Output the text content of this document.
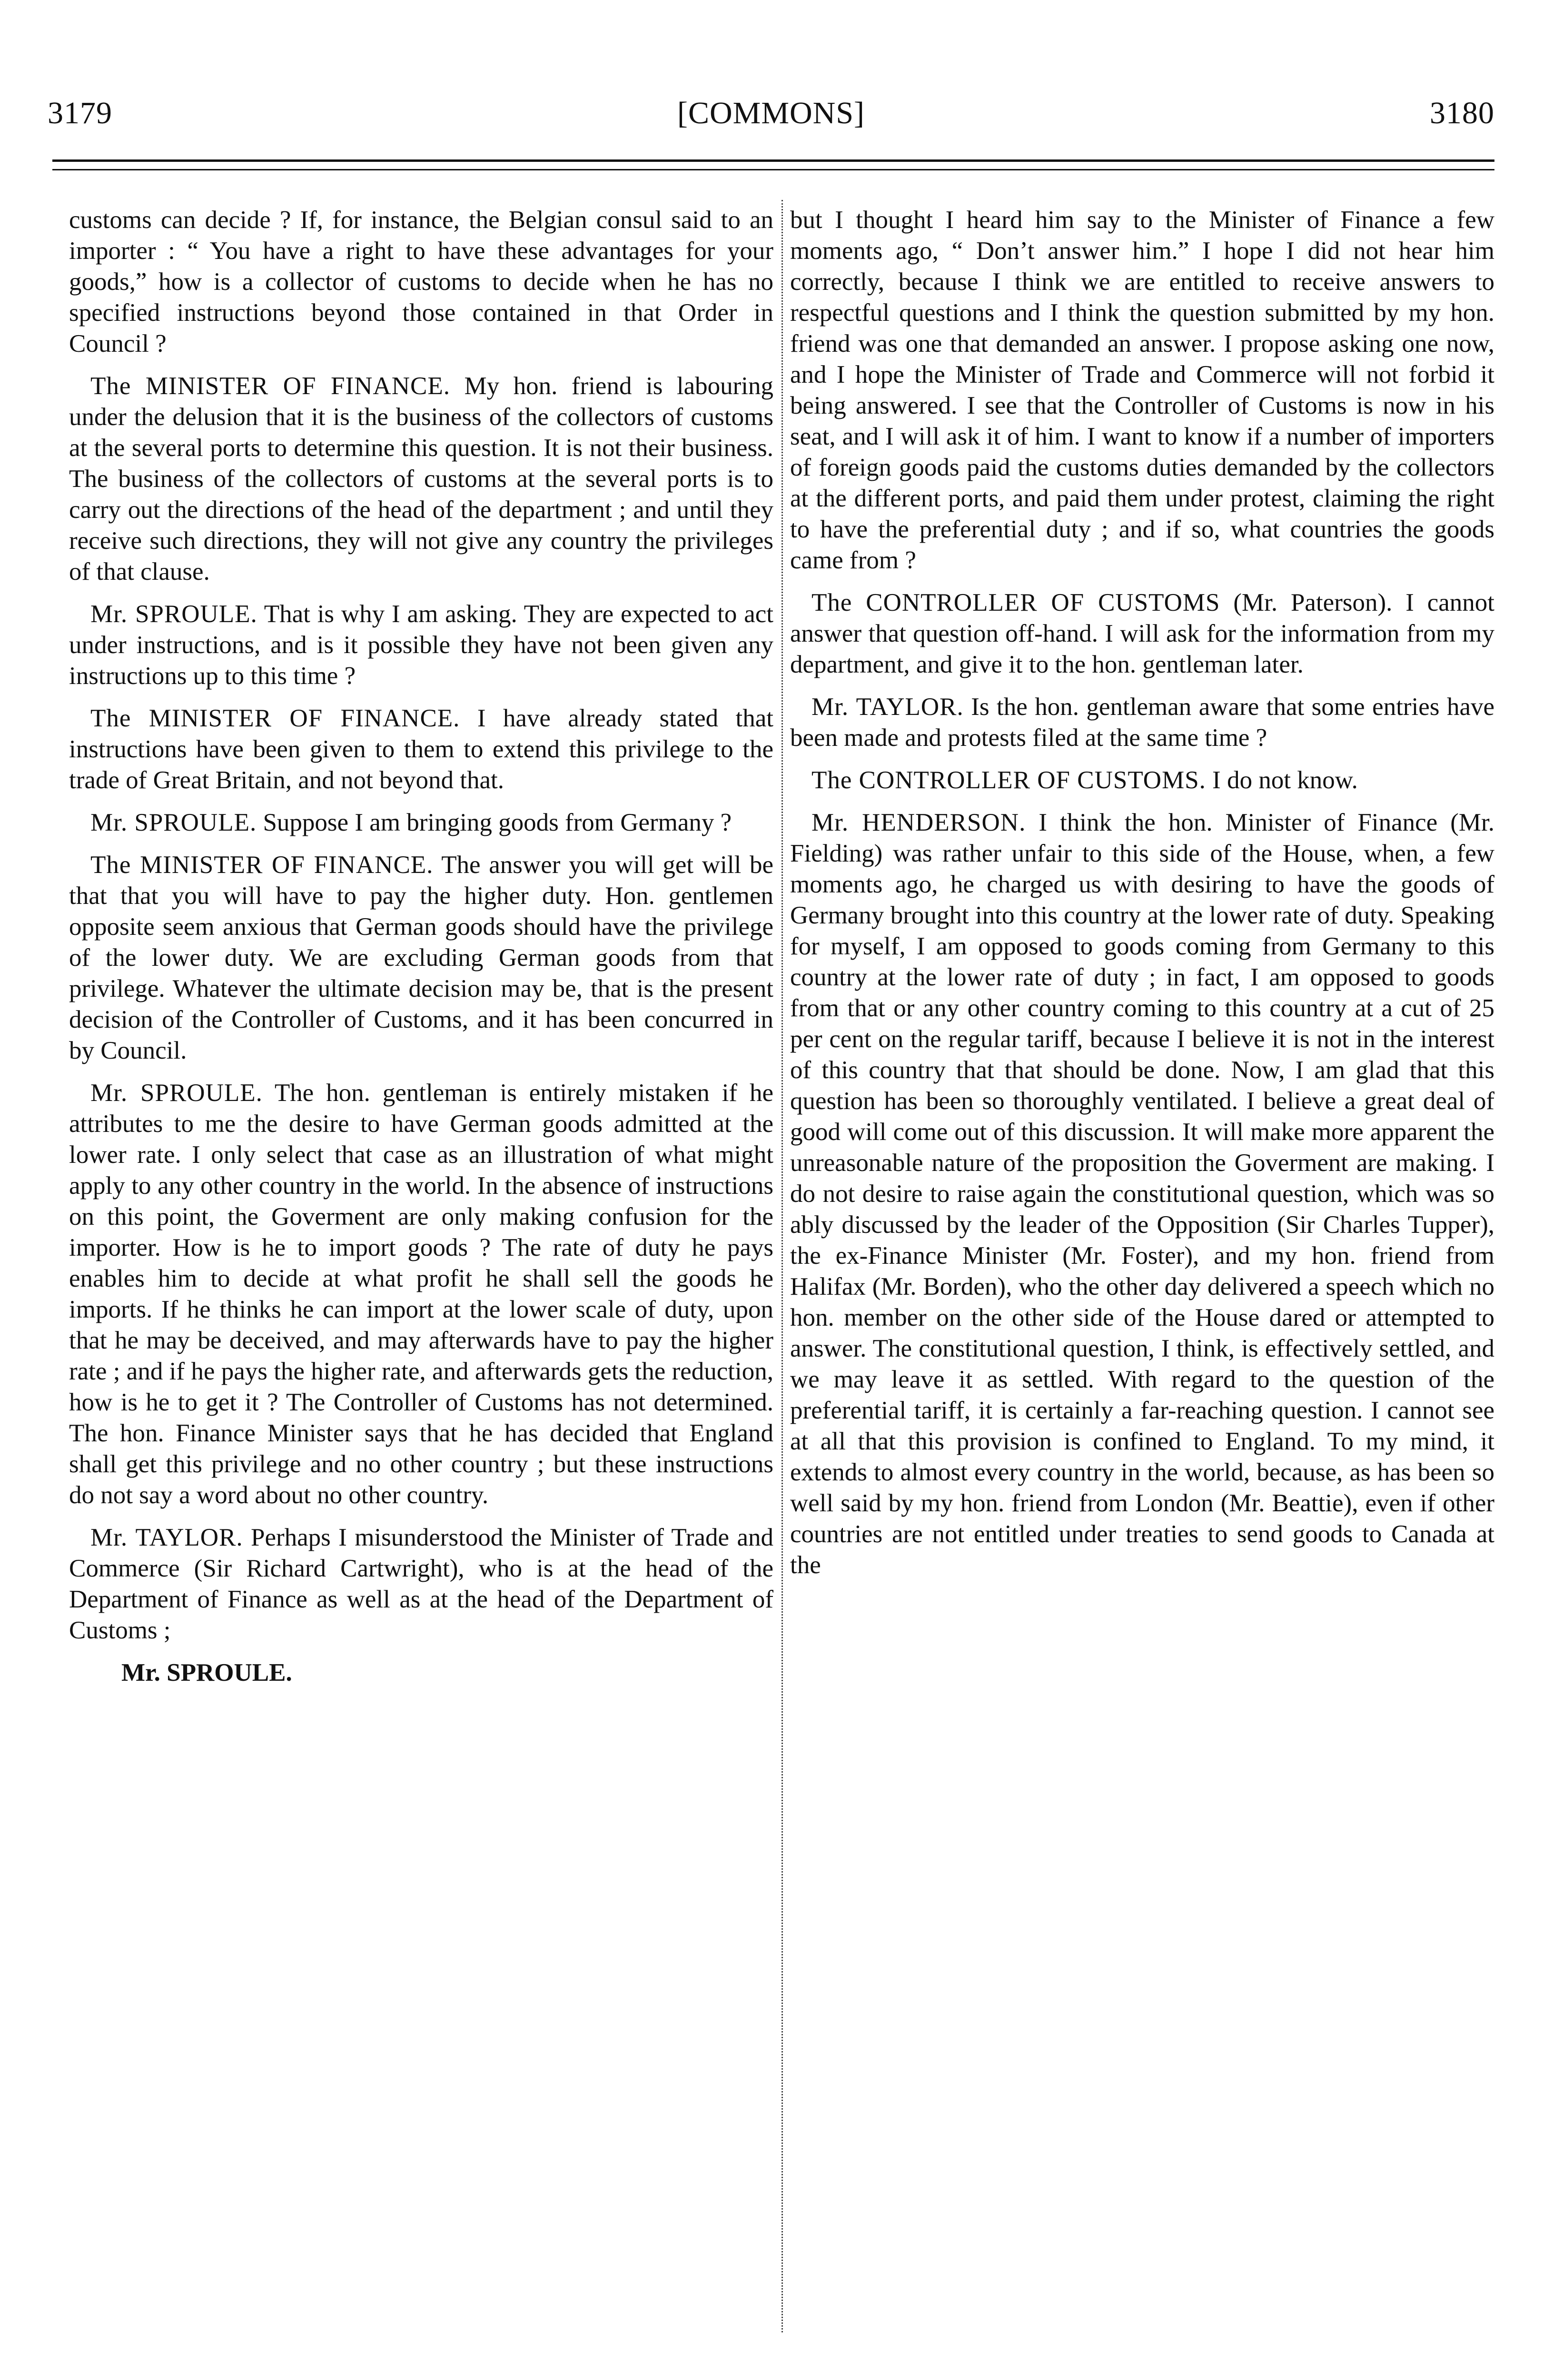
3179	[COMMONS]	3180

customs can decide ? If, for instance, the Belgian consul said to an importer : “ You have a right to have these advantages for your goods,” how is a collector of customs to decide when he has no specified instructions beyond those contained in that Order in Council ?

The MINISTER OF FINANCE. My hon. friend is labouring under the delusion that it is the business of the collectors of customs at the several ports to determine this question. It is not their business. The business of the collectors of customs at the several ports is to carry out the directions of the head of the department ; and until they receive such directions, they will not give any country the privileges of that clause.

Mr. SPROULE. That is why I am asking. They are expected to act under instructions, and is it possible they have not been given any instructions up to this time ?

The MINISTER OF FINANCE. I have already stated that instructions have been given to them to extend this privilege to the trade of Great Britain, and not beyond that.

Mr. SPROULE. Suppose I am bringing goods from Germany ?

The MINISTER OF FINANCE. The answer you will get will be that that you will have to pay the higher duty. Hon. gentlemen opposite seem anxious that German goods should have the privilege of the lower duty. We are excluding German goods from that privilege. Whatever the ultimate decision may be, that is the present decision of the Controller of Customs, and it has been concurred in by Council.

Mr. SPROULE. The hon. gentleman is entirely mistaken if he attributes to me the desire to have German goods admitted at the lower rate. I only select that case as an illustration of what might apply to any other country in the world. In the absence of instructions on this point, the Goverment are only making confusion for the importer. How is he to import goods ? The rate of duty he pays enables him to decide at what profit he shall sell the goods he imports. If he thinks he can import at the lower scale of duty, upon that he may be deceived, and may afterwards have to pay the higher rate ; and if he pays the higher rate, and afterwards gets the reduction, how is he to get it ? The Controller of Customs has not determined. The hon. Finance Minister says that he has decided that England shall get this privilege and no other country ; but these instructions do not say a word about no other country.

Mr. TAYLOR. Perhaps I misunderstood the Minister of Trade and Commerce (Sir Richard Cartwright), who is at the head of the Department of Finance as well as at the head of the Department of Customs ;

Mr. SPROULE.

but I thought I heard him say to the Minister of Finance a few moments ago, “ Don’t answer him.” I hope I did not hear him correctly, because I think we are entitled to receive answers to respectful questions and I think the question submitted by my hon. friend was one that demanded an answer. I propose asking one now, and I hope the Minister of Trade and Commerce will not forbid it being answered. I see that the Controller of Customs is now in his seat, and I will ask it of him. I want to know if a number of importers of foreign goods paid the customs duties demanded by the collectors at the different ports, and paid them under protest, claiming the right to have the preferential duty ; and if so, what countries the goods came from ?

The CONTROLLER OF CUSTOMS (Mr. Paterson). I cannot answer that question off-hand. I will ask for the information from my department, and give it to the hon. gentleman later.

Mr. TAYLOR. Is the hon. gentleman aware that some entries have been made and protests filed at the same time ?

The CONTROLLER OF CUSTOMS. I do not know.

Mr. HENDERSON. I think the hon. Minister of Finance (Mr. Fielding) was rather unfair to this side of the House, when, a few moments ago, he charged us with desiring to have the goods of Germany brought into this country at the lower rate of duty. Speaking for myself, I am opposed to goods coming from Germany to this country at the lower rate of duty ; in fact, I am opposed to goods from that or any other country coming to this country at a cut of 25 per cent on the regular tariff, because I believe it is not in the interest of this country that that should be done. Now, I am glad that this question has been so thoroughly ventilated. I believe a great deal of good will come out of this discussion. It will make more apparent the unreasonable nature of the proposition the Goverment are making. I do not desire to raise again the constitutional question, which was so ably discussed by the leader of the Opposition (Sir Charles Tupper), the ex-Finance Minister (Mr. Foster), and my hon. friend from Halifax (Mr. Borden), who the other day delivered a speech which no hon. member on the other side of the House dared or attempted to answer. The constitutional question, I think, is effectively settled, and we may leave it as settled. With regard to the question of the preferential tariff, it is certainly a far-reaching question. I cannot see at all that this provision is confined to England. To my mind, it extends to almost every country in the world, because, as has been so well said by my hon. friend from London (Mr. Beattie), even if other countries are not entitled under treaties to send goods to Canada at the
